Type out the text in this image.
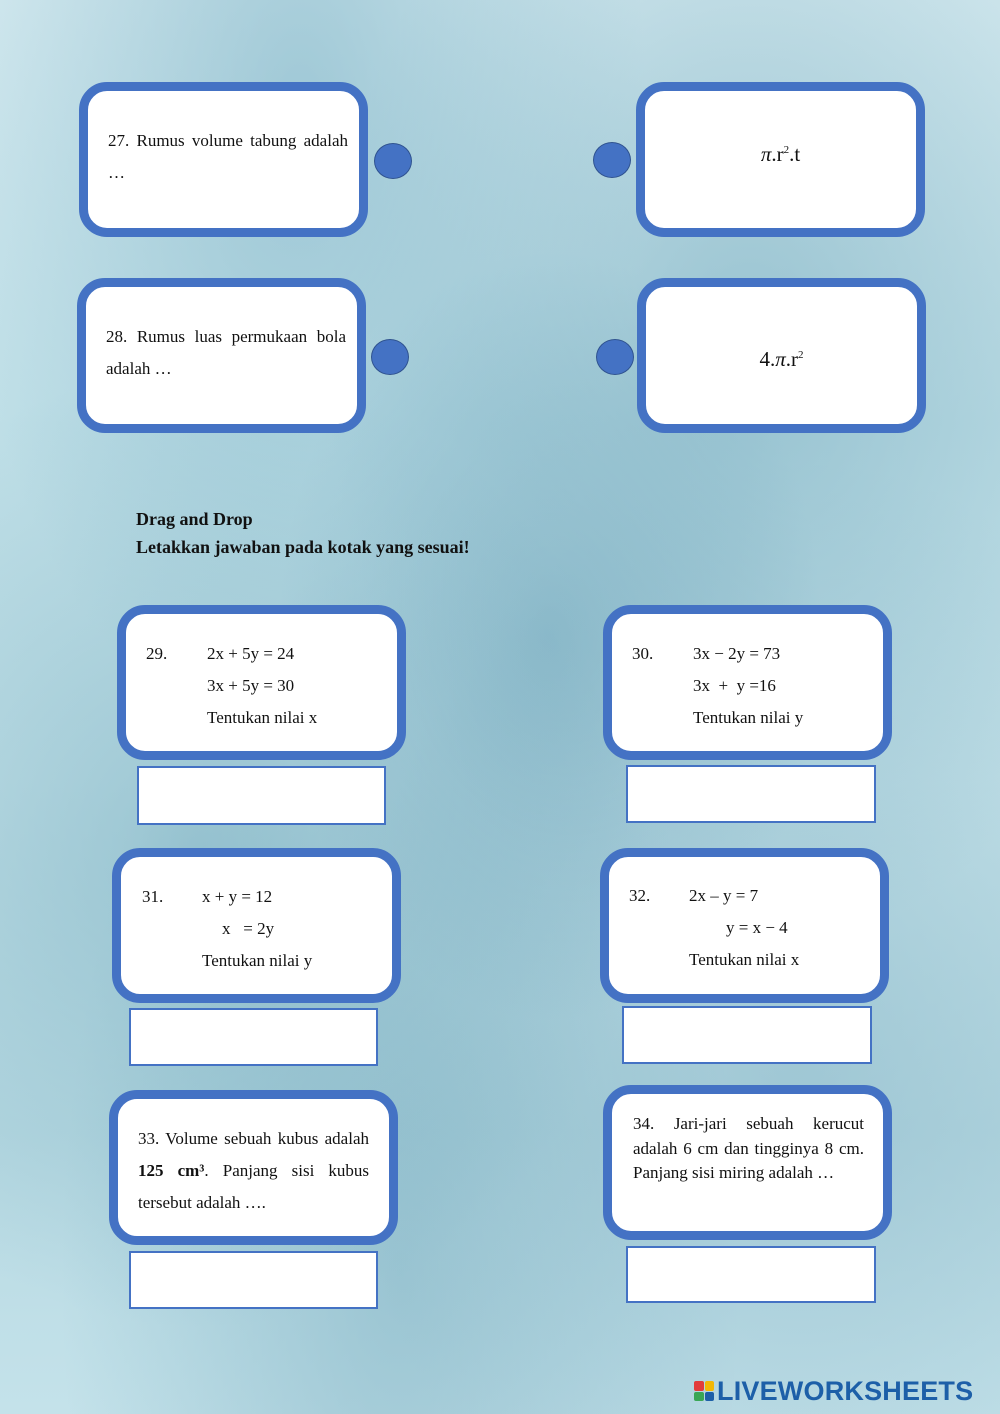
27. Rumus volume tabung adalah …
$\pi.r^2.t$
28. Rumus luas permukaan bola adalah …	$4.\pi.r^2$
Drag and Drop
Letakkan jawaban pada kotak yang sesuai!
29. 2x + 5y = 24
3x + 5y = 30
Tentukan nilai x
30. 3x − 2y = 73
3x  +  y =16
Tentukan nilai y
31. x + y = 12
x   = 2y
Tentukan nilai y
32. 2x – y = 7
y = x − 4
Tentukan nilai x
33. Volume sebuah kubus adalah 125 cm³. Panjang sisi kubus tersebut adalah ….
34. Jari-jari sebuah kerucut adalah 6 cm dan tingginya 8 cm. Panjang sisi miring adalah …
LIVEWORKSHEETS
